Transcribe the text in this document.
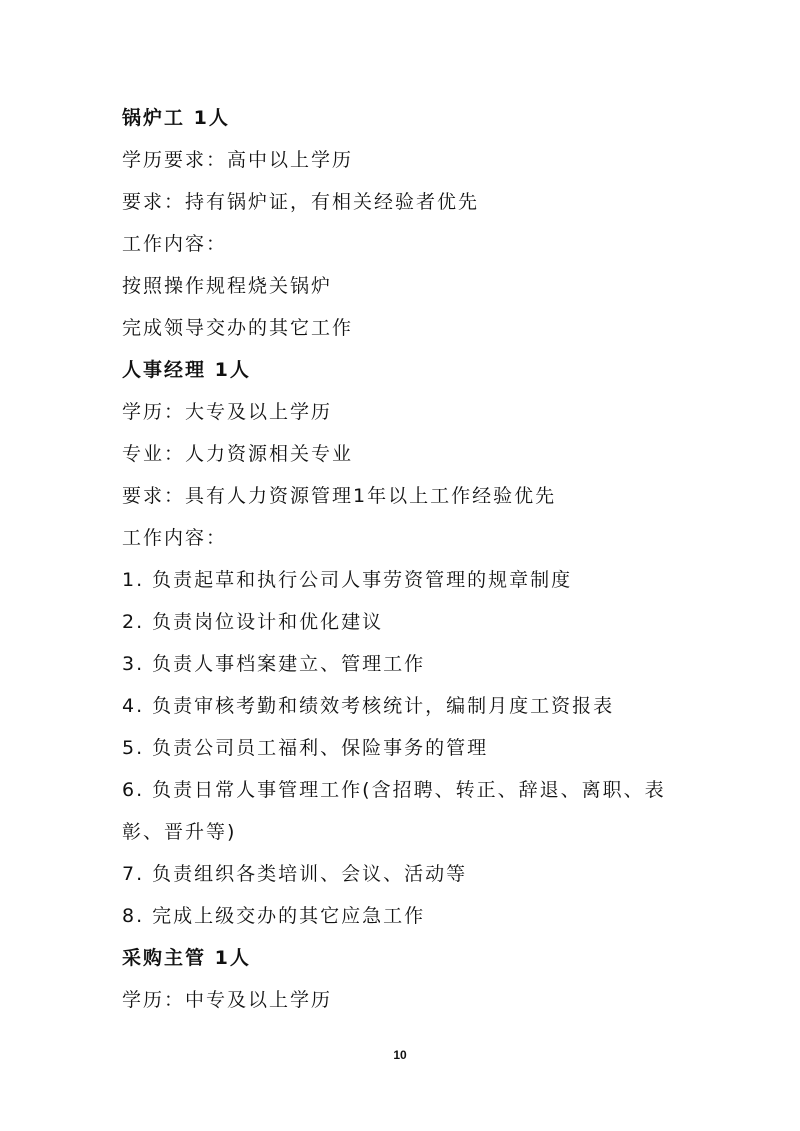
锅炉工 1人
学历要求：高中以上学历
要求：持有锅炉证，有相关经验者优先
工作内容：
按照操作规程烧关锅炉
完成领导交办的其它工作
人事经理 1人
学历：大专及以上学历
专业：人力资源相关专业
要求：具有人力资源管理1年以上工作经验优先
工作内容：
1. 负责起草和执行公司人事劳资管理的规章制度
2. 负责岗位设计和优化建议
3. 负责人事档案建立、管理工作
4. 负责审核考勤和绩效考核统计，编制月度工资报表
5. 负责公司员工福利、保险事务的管理
6. 负责日常人事管理工作(含招聘、转正、辞退、离职、表
彰、晋升等)
7. 负责组织各类培训、会议、活动等
8. 完成上级交办的其它应急工作
采购主管 1人
学历：中专及以上学历
10
